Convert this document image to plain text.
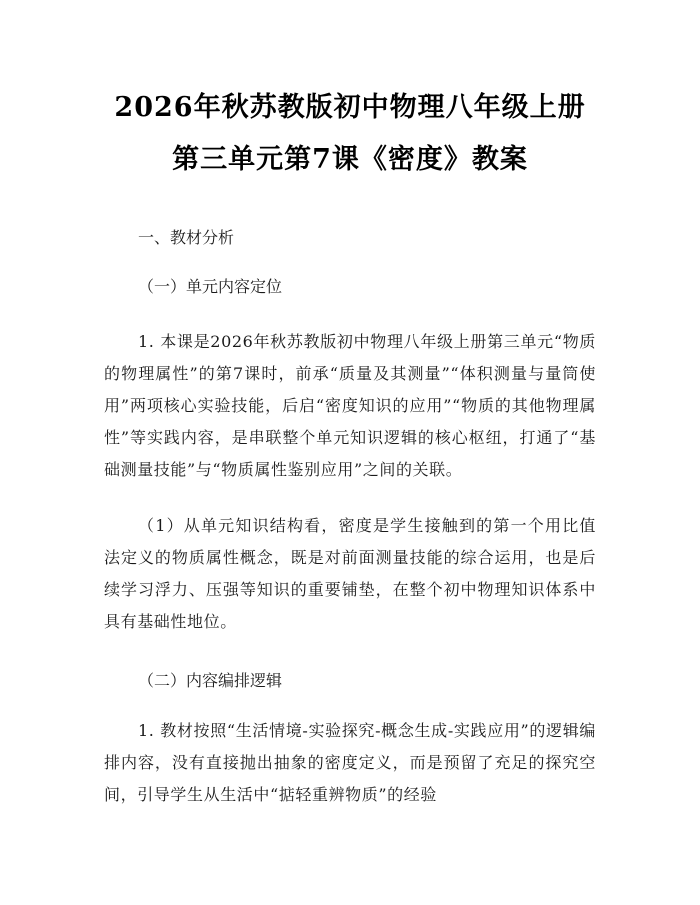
2026年秋苏教版初中物理八年级上册第三单元第7课《密度》教案

一、教材分析

（一）单元内容定位

1. 本课是2026年秋苏教版初中物理八年级上册第三单元“物质的物理属性”的第7课时，前承“质量及其测量”“体积测量与量筒使用”两项核心实验技能，后启“密度知识的应用”“物质的其他物理属性”等实践内容，是串联整个单元知识逻辑的核心枢纽，打通了“基础测量技能”与“物质属性鉴别应用”之间的关联。

（1）从单元知识结构看，密度是学生接触到的第一个用比值法定义的物质属性概念，既是对前面测量技能的综合运用，也是后续学习浮力、压强等知识的重要铺垫，在整个初中物理知识体系中具有基础性地位。

（二）内容编排逻辑

1. 教材按照“生活情境-实验探究-概念生成-实践应用”的逻辑编排内容，没有直接抛出抽象的密度定义，而是预留了充足的探究空间，引导学生从生活中“掂轻重辨物质”的经验
